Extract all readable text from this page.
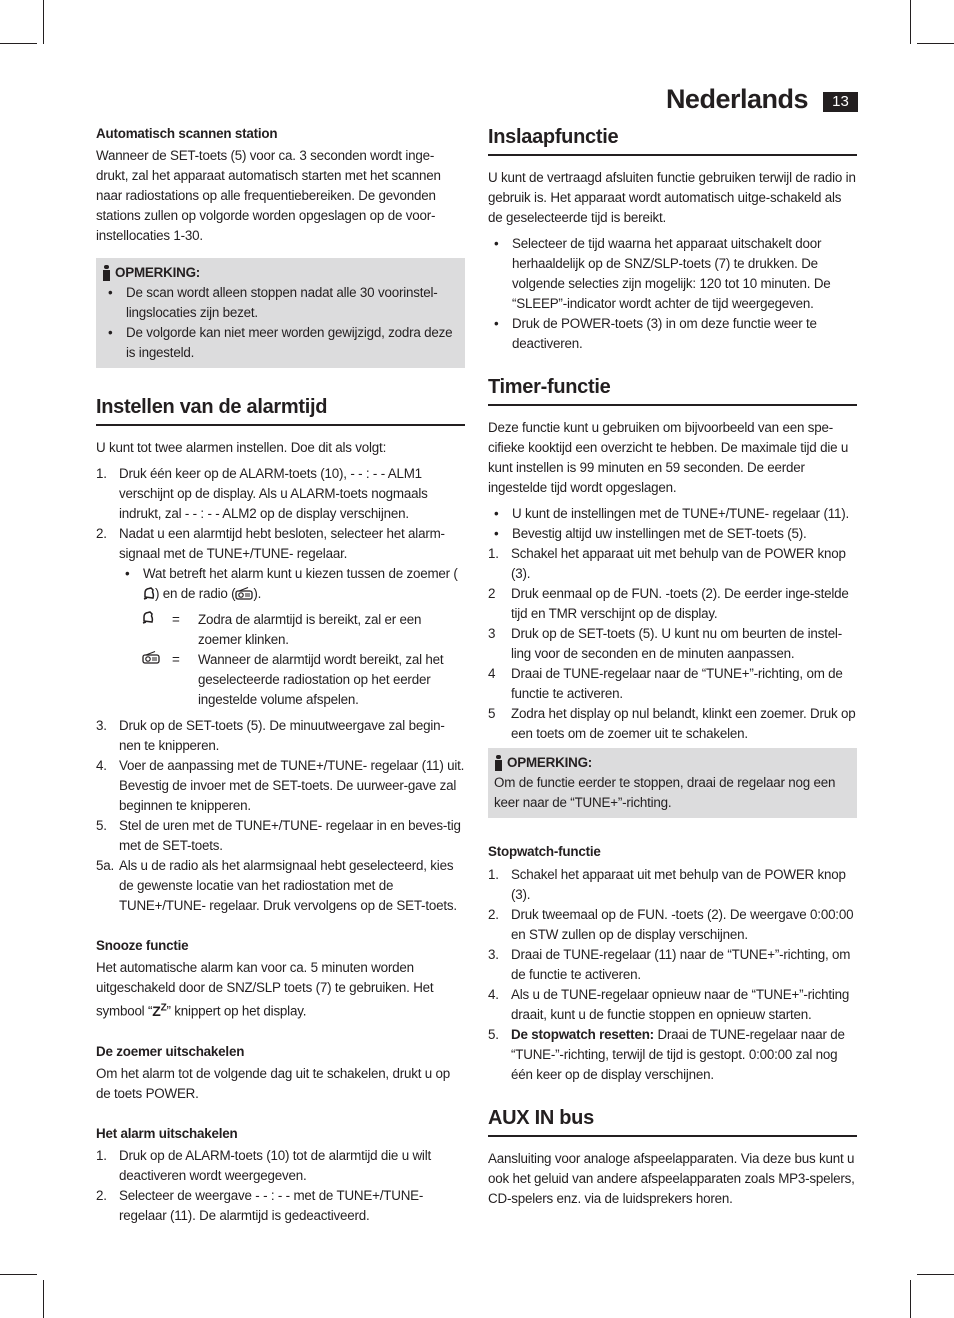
Nederlands	13

Automatisch scannen station

Wanneer de SET-toets (5) voor ca. 3 seconden wordt inge-drukt, zal het apparaat automatisch starten met het scannen naar radiostations op alle frequentiebereiken. De gevonden stations zullen op volgorde worden opgeslagen op de voor-instellocaties 1-30.

OPMERKING:
•	De scan wordt alleen stoppen nadat alle 30 voorinstel-lingslocaties zijn bezet.
•	De volgorde kan niet meer worden gewijzigd, zodra deze is ingesteld.
Instellen van de alarmtijd

U kunt tot twee alarmen instellen. Doe dit als volgt:

1. Druk één keer op de ALARM-toets (10), - - : - - ALM1 verschijnt op de display. Als u ALARM-toets nogmaals indrukt, zal - - : - - ALM2 op de display verschijnen.
2. Nadat u een alarmtijd hebt besloten, selecteer het alarm-signaal met de TUNE+/TUNE- regelaar.
•	Wat betreft het alarm kunt u kiezen tussen de zoemer () en de radio ( ).
=	Zodra de alarmtijd is bereikt, zal er een zoemer klinken.
=	Wanneer de alarmtijd wordt bereikt, zal het geselecteerde radiostation op het eerder ingestelde volume afspelen.
3. Druk op de SET-toets (5). De minuutweergave zal begin-nen te knipperen.
4. Voer de aanpassing met de TUNE+/TUNE- regelaar (11) uit. Bevestig de invoer met de SET-toets. De uurweer-gave zal beginnen te knipperen.
5. Stel de uren met de TUNE+/TUNE- regelaar in en beves-tig met de SET-toets.
5a. Als u de radio als het alarmsignaal hebt geselecteerd, kies de gewenste locatie van het radiostation met de TUNE+/TUNE- regelaar. Druk vervolgens op de SET-toets.

Snooze functie

Het automatische alarm kan voor ca. 5 minuten worden uitgeschakeld door de SNZ/SLP toets (7) te gebruiken. Het symbool “$Z^Z$” knippert op het display.

De zoemer uitschakelen

Om het alarm tot de volgende dag uit te schakelen, drukt u op de toets POWER.

Het alarm uitschakelen

1. Druk op de ALARM-toets (10) tot de alarmtijd die u wilt deactiveren wordt weergegeven.
2. Selecteer de weergave - - : - - met de TUNE+/TUNE-regelaar (11). De alarmtijd is gedeactiveerd.
Inslaapfunctie

U kunt de vertraagd afsluiten functie gebruiken terwijl de radio in gebruik is. Het apparaat wordt automatisch uitge-schakeld als de geselecteerde tijd is bereikt.

•	Selecteer de tijd waarna het apparaat uitschakelt door herhaaldelijk op de SNZ/SLP-toets (7) te drukken. De volgende selecties zijn mogelijk: 120 tot 10 minuten. De “SLEEP”-indicator wordt achter de tijd weergegeven.
•	Druk de POWER-toets (3) in om deze functie weer te deactiveren.
Timer-functie

Deze functie kunt u gebruiken om bijvoorbeeld van een spe-cifieke kooktijd een overzicht te hebben. De maximale tijd die u kunt instellen is 99 minuten en 59 seconden. De eerder ingestelde tijd wordt opgeslagen.

•	U kunt de instellingen met de TUNE+/TUNE- regelaar (11).
•	Bevestig altijd uw instellingen met de SET-toets (5).
1. Schakel het apparaat uit met behulp van de POWER knop (3).
2	Druk eenmaal op de FUN. -toets (2). De eerder inge-stelde tijd en TMR verschijnt op de display.
3	Druk op de SET-toets (5). U kunt nu om beurten de instel-ling voor de seconden en de minuten aanpassen.
4	Draai de TUNE-regelaar naar de “TUNE+”-richting, om de functie te activeren.
5	Zodra het display op nul belandt, klinkt een zoemer. Druk op een toets om de zoemer uit te schakelen.
OPMERKING:

Om de functie eerder te stoppen, draai de regelaar nog een keer naar de “TUNE+”-richting.

Stopwatch-functie

1. Schakel het apparaat uit met behulp van de POWER knop (3).
2. Druk tweemaal op de FUN. -toets (2). De weergave 0:00:00 en STW zullen op de display verschijnen.
3. Draai de TUNE-regelaar (11) naar de “TUNE+”-richting, om de functie te activeren.
4. Als u de TUNE-regelaar opnieuw naar de “TUNE+”-richting draait, kunt u de functie stoppen en opnieuw starten.
5. De stopwatch resetten: Draai de TUNE-regelaar naar de “TUNE-”-richting, terwijl de tijd is gestopt. 0:00:00 zal nog één keer op de display verschijnen.
AUX IN bus

Aansluiting voor analoge afspeelapparaten. Via deze bus kunt u ook het geluid van andere afspeelapparaten zoals MP3-spelers, CD-spelers enz. via de luidsprekers horen.
